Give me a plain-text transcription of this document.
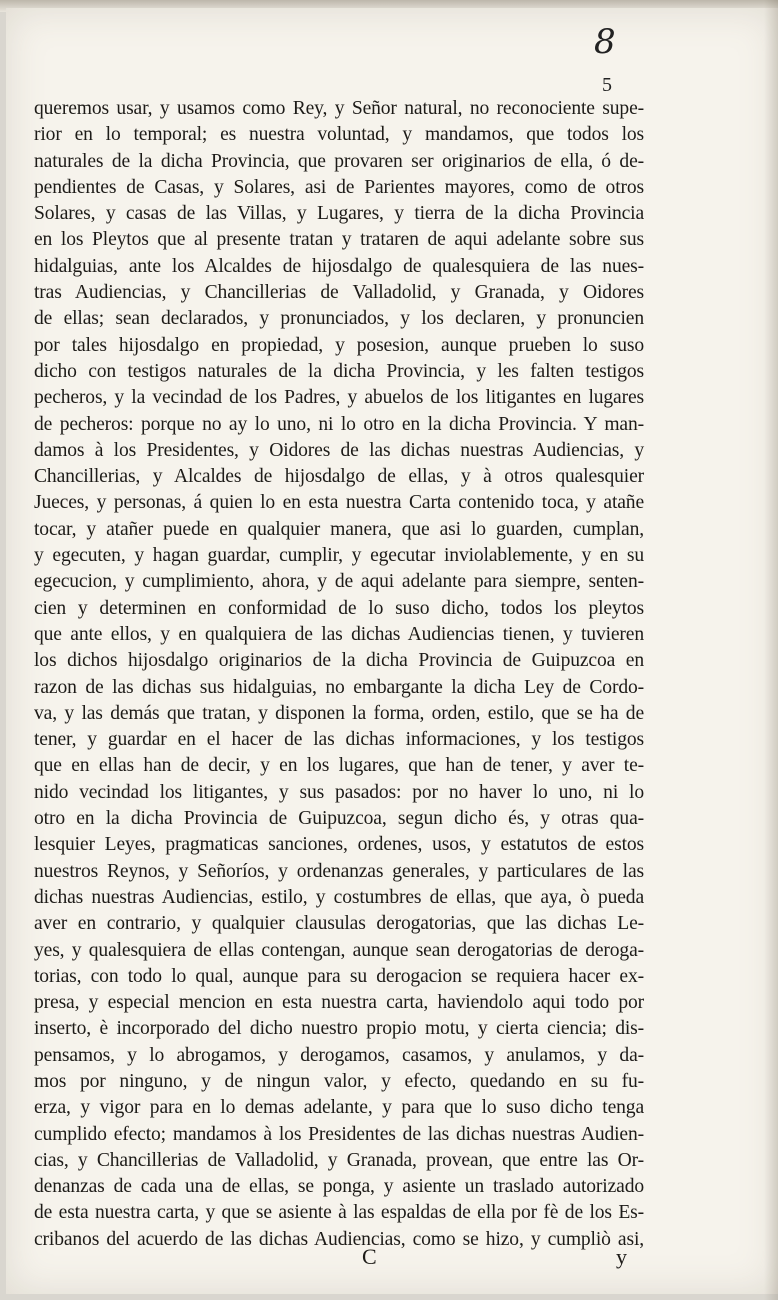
8
5
queremos usar, y usamos como Rey, y Señor natural, no reconociente supe-
rior en lo temporal; es nuestra voluntad, y mandamos, que todos los
naturales de la dicha Provincia, que provaren ser originarios de ella, ó de-
pendientes de Casas, y Solares, asi de Parientes mayores, como de otros
Solares, y casas de las Villas, y Lugares, y tierra de la dicha Provincia
en los Pleytos que al presente tratan y trataren de aqui adelante sobre sus
hidalguias, ante los Alcaldes de hijosdalgo de qualesquiera de las nues-
tras Audiencias, y Chancillerias de Valladolid, y Granada, y Oidores
de ellas; sean declarados, y pronunciados, y los declaren, y pronuncien
por tales hijosdalgo en propiedad, y posesion, aunque prueben lo suso
dicho con testigos naturales de la dicha Provincia, y les falten testigos
pecheros, y la vecindad de los Padres, y abuelos de los litigantes en lugares
de pecheros: porque no ay lo uno, ni lo otro en la dicha Provincia. Y man-
damos à los Presidentes, y Oidores de las dichas nuestras Audiencias, y
Chancillerias, y Alcaldes de hijosdalgo de ellas, y à otros qualesquier
Jueces, y personas, á quien lo en esta nuestra Carta contenido toca, y atañe
tocar, y atañer puede en qualquier manera, que asi lo guarden, cumplan,
y egecuten, y hagan guardar, cumplir, y egecutar inviolablemente, y en su
egecucion, y cumplimiento, ahora, y de aqui adelante para siempre, senten-
cien y determinen en conformidad de lo suso dicho, todos los pleytos
que ante ellos, y en qualquiera de las dichas Audiencias tienen, y tuvieren
los dichos hijosdalgo originarios de la dicha Provincia de Guipuzcoa en
razon de las dichas sus hidalguias, no embargante la dicha Ley de Cordo-
va, y las demás que tratan, y disponen la forma, orden, estilo, que se ha de
tener, y guardar en el hacer de las dichas informaciones, y los testigos
que en ellas han de decir, y en los lugares, que han de tener, y aver te-
nido vecindad los litigantes, y sus pasados: por no haver lo uno, ni lo
otro en la dicha Provincia de Guipuzcoa, segun dicho és, y otras qua-
lesquier Leyes, pragmaticas sanciones, ordenes, usos, y estatutos de estos
nuestros Reynos, y Señoríos, y ordenanzas generales, y particulares de las
dichas nuestras Audiencias, estilo, y costumbres de ellas, que aya, ò pueda
aver en contrario, y qualquier clausulas derogatorias, que las dichas Le-
yes, y qualesquiera de ellas contengan, aunque sean derogatorias de deroga-
torias, con todo lo qual, aunque para su derogacion se requiera hacer ex-
presa, y especial mencion en esta nuestra carta, haviendolo aqui todo por
inserto, è incorporado del dicho nuestro propio motu, y cierta ciencia; dis-
pensamos, y lo abrogamos, y derogamos, casamos, y anulamos, y da-
mos por ninguno, y de ningun valor, y efecto, quedando en su fu-
erza, y vigor para en lo demas adelante, y para que lo suso dicho tenga
cumplido efecto; mandamos à los Presidentes de las dichas nuestras Audien-
cias, y Chancillerias de Valladolid, y Granada, provean, que entre las Or-
denanzas de cada una de ellas, se ponga, y asiente un traslado autorizado
de esta nuestra carta, y que se asiente à las espaldas de ella por fè de los Es-
cribanos del acuerdo de las dichas Audiencias, como se hizo, y cumpliò asi,
C	y
